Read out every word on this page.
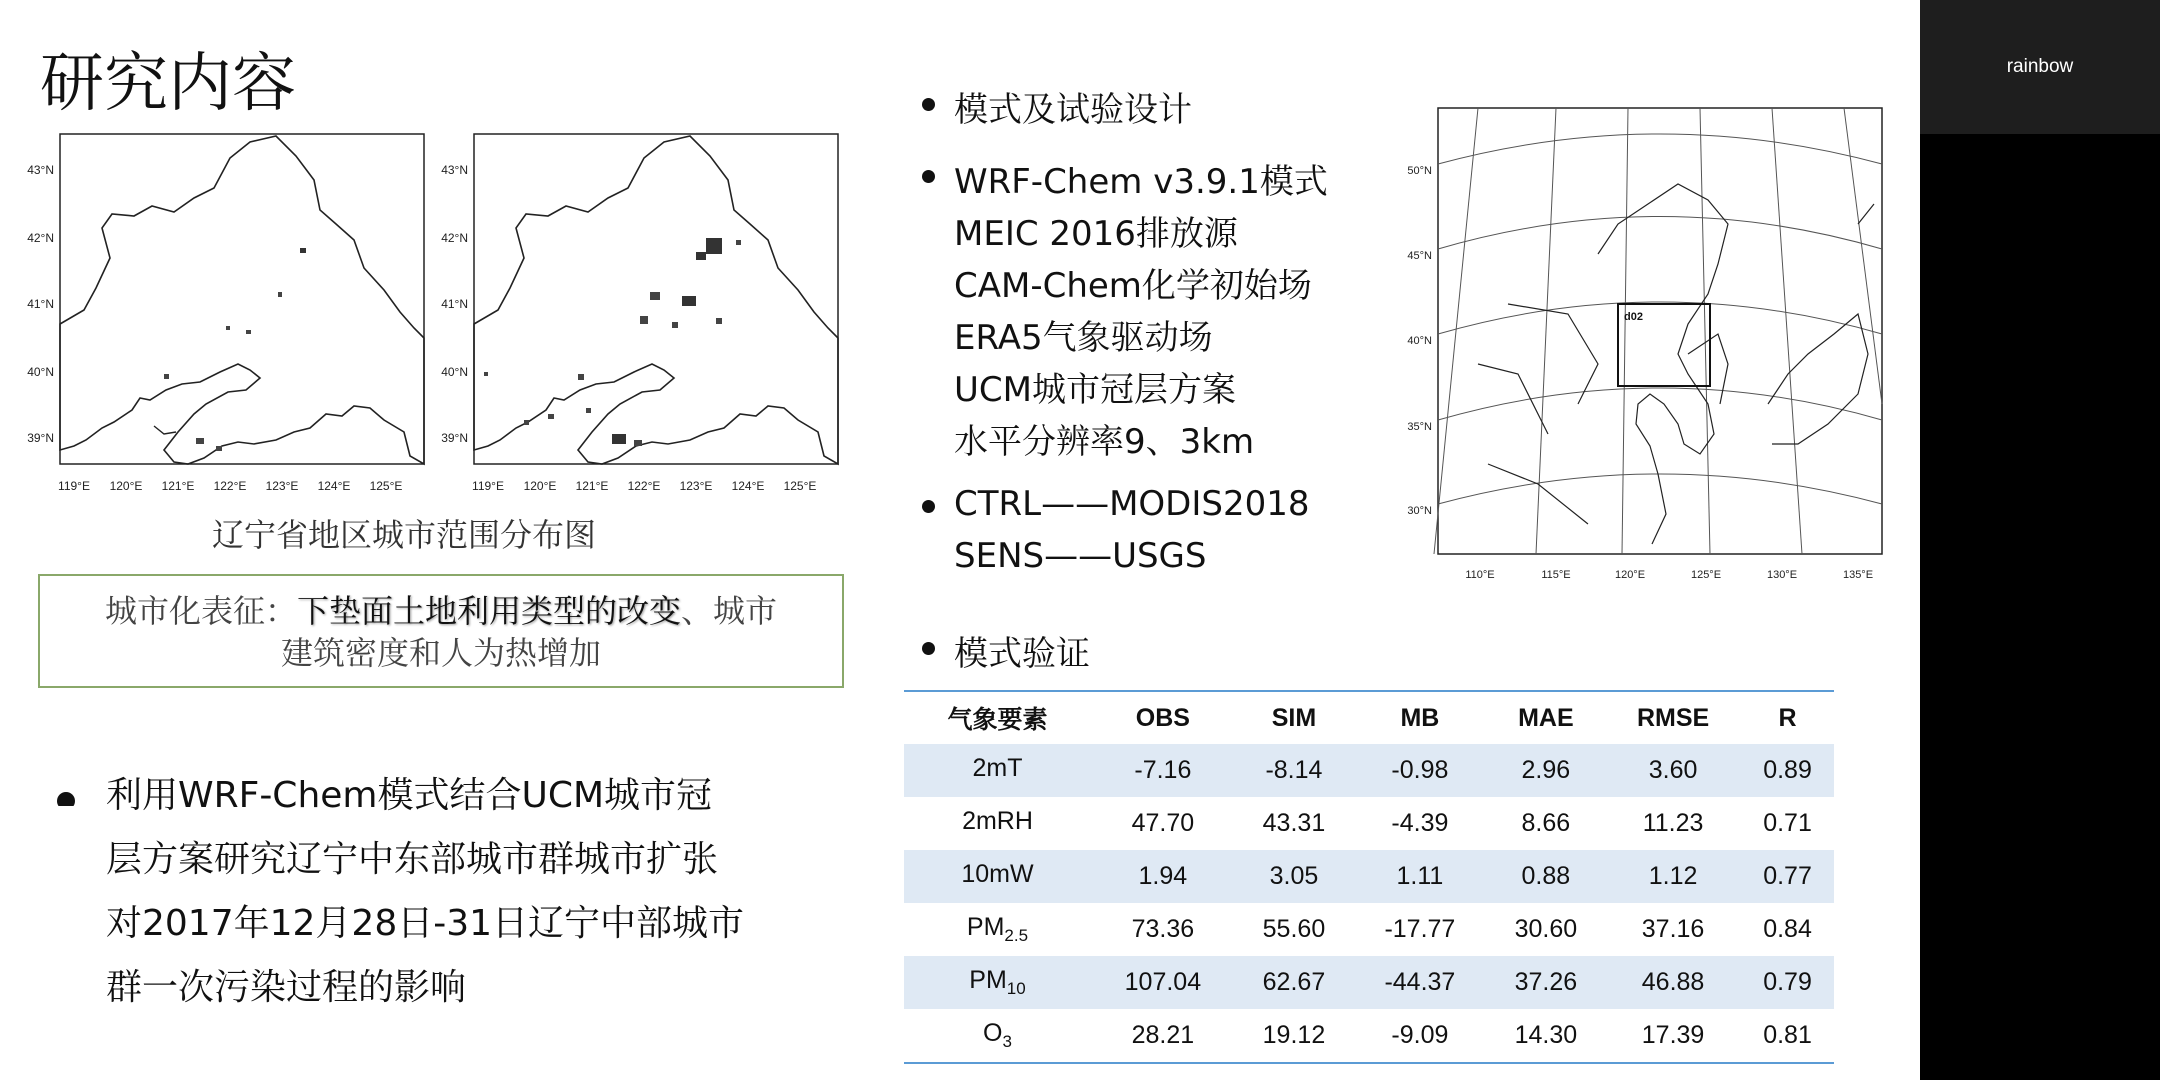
研究内容
43°N
42°N
41°N
40°N
39°N
119°E 120°E 121°E 122°E 123°E 124°E 125°E
43°N
42°N
41°N
40°N
39°N
119°E 120°E 121°E 122°E 123°E 124°E 125°E
辽宁省地区城市范围分布图
城市化表征：下垫面土地利用类型的改变、城市
建筑密度和人为热增加
利用WRF-Chem模式结合UCM城市冠
层方案研究辽宁中东部城市群城市扩张
对2017年12月28日-31日辽宁中部城市
群一次污染过程的影响
模式及试验设计
WRF-Chem v3.9.1模式
MEIC 2016排放源
CAM-Chem化学初始场
ERA5气象驱动场
UCM城市冠层方案
水平分辨率9、3km
CTRL——MODIS2018
SENS——USGS
模式验证
d02
50°N
45°N
40°N
35°N
30°N
110°E	115°E	120°E	125°E	130°E	135°E
气象要素	OBS	SIM	MB	MAE	RMSE	R
2mT	-7.16	-8.14	-0.98	2.96	3.60	0.89
2mRH	47.70	43.31	-4.39	8.66	11.23	0.71
10mW	1.94	3.05	1.11	0.88	1.12	0.77
$PM_{2.5}$	73.36	55.60	-17.77	30.60	37.16	0.84
$PM_{10}$	107.04	62.67	-44.37	37.26	46.88	0.79
$O_3$	28.21	19.12	-9.09	14.30	17.39	0.81
rainbow
